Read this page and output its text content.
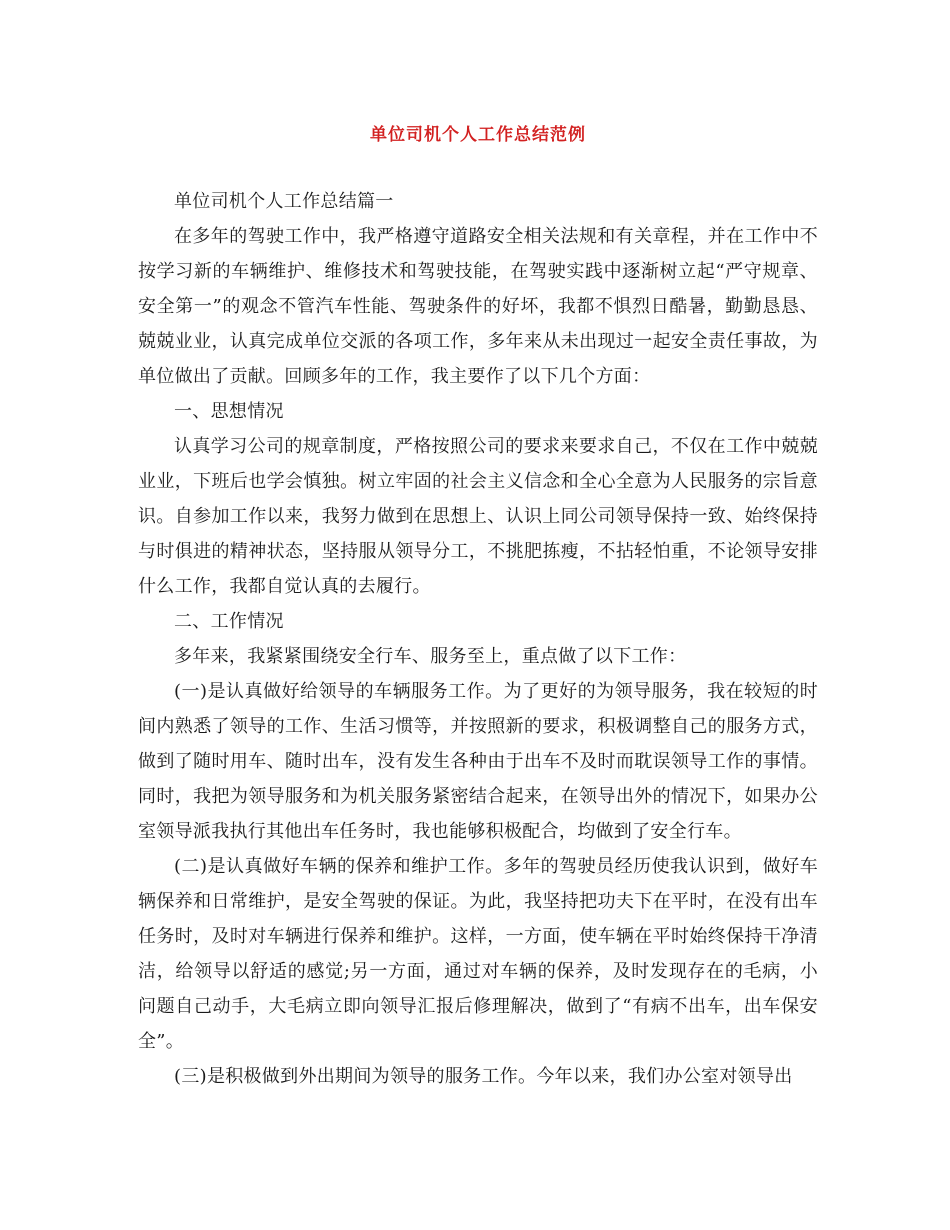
单位司机个人工作总结范例

单位司机个人工作总结篇一

在多年的驾驶工作中，我严格遵守道路安全相关法规和有关章程，并在工作中不按学习新的车辆维护、维修技术和驾驶技能，在驾驶实践中逐渐树立起“严守规章、安全第一”的观念不管汽车性能、驾驶条件的好坏，我都不惧烈日酷暑，勤勤恳恳、兢兢业业，认真完成单位交派的各项工作，多年来从未出现过一起安全责任事故，为单位做出了贡献。回顾多年的工作，我主要作了以下几个方面：

一、思想情况

认真学习公司的规章制度，严格按照公司的要求来要求自己，不仅在工作中兢兢业业，下班后也学会慎独。树立牢固的社会主义信念和全心全意为人民服务的宗旨意识。自参加工作以来，我努力做到在思想上、认识上同公司领导保持一致、始终保持与时俱进的精神状态，坚持服从领导分工，不挑肥拣瘦，不拈轻怕重，不论领导安排什么工作，我都自觉认真的去履行。

二、工作情况

多年来，我紧紧围绕安全行车、服务至上，重点做了以下工作：

(一)是认真做好给领导的车辆服务工作。为了更好的为领导服务，我在较短的时间内熟悉了领导的工作、生活习惯等，并按照新的要求，积极调整自己的服务方式，做到了随时用车、随时出车，没有发生各种由于出车不及时而耽误领导工作的事情。同时，我把为领导服务和为机关服务紧密结合起来，在领导出外的情况下，如果办公室领导派我执行其他出车任务时，我也能够积极配合，均做到了安全行车。

(二)是认真做好车辆的保养和维护工作。多年的驾驶员经历使我认识到，做好车辆保养和日常维护，是安全驾驶的保证。为此，我坚持把功夫下在平时，在没有出车任务时，及时对车辆进行保养和维护。这样，一方面，使车辆在平时始终保持干净清洁，给领导以舒适的感觉;另一方面，通过对车辆的保养，及时发现存在的毛病，小问题自己动手，大毛病立即向领导汇报后修理解决，做到了“有病不出车，出车保安全”。

(三)是积极做到外出期间为领导的服务工作。今年以来，我们办公室对领导出
